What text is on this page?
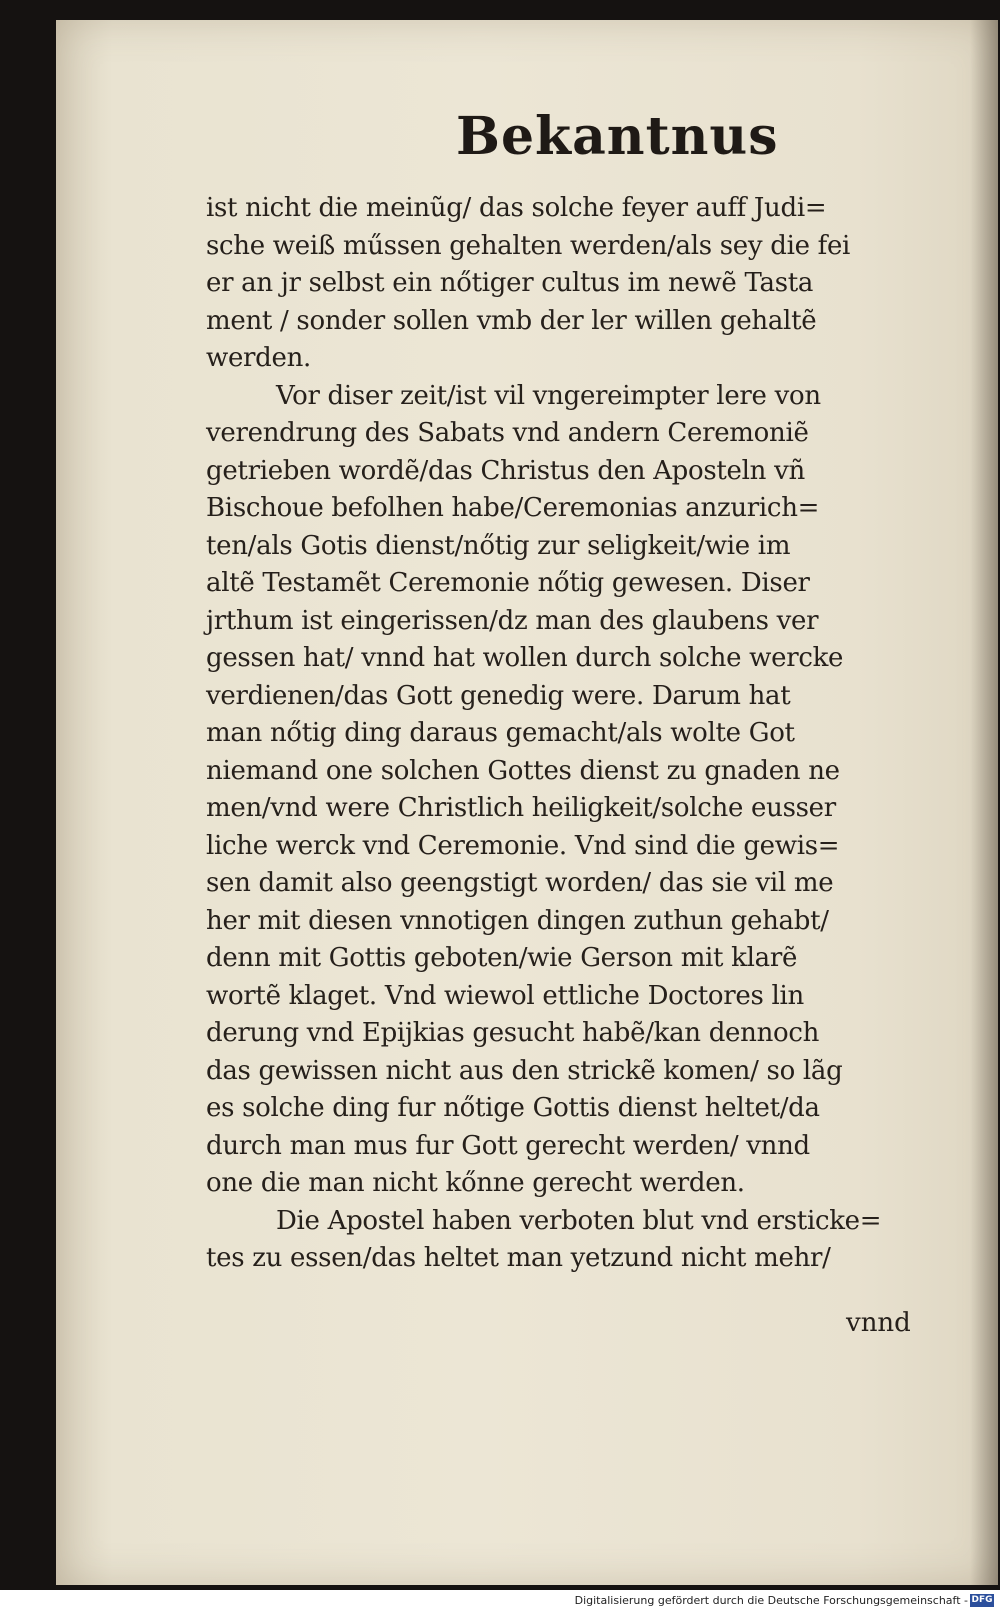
Bekantnus
ist nicht die meinũg/ das solche feyer auff Judi=
sche weiß műssen gehalten werden/als sey die fei
er an jr selbst ein nőtiger cultus im newẽ Tasta
ment / sonder sollen vmb der ler willen gehaltẽ
werden.
Vor diser zeit/ist vil vngereimpter lere von
verendrung des Sabats vnd andern Ceremoniẽ
getrieben wordẽ/das Christus den Aposteln vñ
Bischoue befolhen habe/Ceremonias anzurich=
ten/als Gotis dienst/nőtig zur seligkeit/wie im
altẽ Testamẽt Ceremonie nőtig gewesen. Diser
jrthum ist eingerissen/dz man des glaubens ver
gessen hat/ vnnd hat wollen durch solche wercke
verdienen/das Gott genedig were. Darum hat
man nőtig ding daraus gemacht/als wolte Got
niemand one solchen Gottes dienst zu gnaden ne
men/vnd were Christlich heiligkeit/solche eusser
liche werck vnd Ceremonie. Vnd sind die gewis=
sen damit also geengstigt worden/ das sie vil me
her mit diesen vnnotigen dingen zuthun gehabt/
denn mit Gottis geboten/wie Gerson mit klarẽ
wortẽ klaget. Vnd wiewol ettliche Doctores lin
derung vnd Epijkias gesucht habẽ/kan dennoch
das gewissen nicht aus den strickẽ komen/ so lãg
es solche ding fur nőtige Gottis dienst heltet/da
durch man mus fur Gott gerecht werden/ vnnd
one die man nicht kőnne gerecht werden.
Die Apostel haben verboten blut vnd ersticke=
tes zu essen/das heltet man yetzund nicht mehr/
vnnd
Digitalisierung gefördert durch die Deutsche Forschungsgemeinschaft - DFG
